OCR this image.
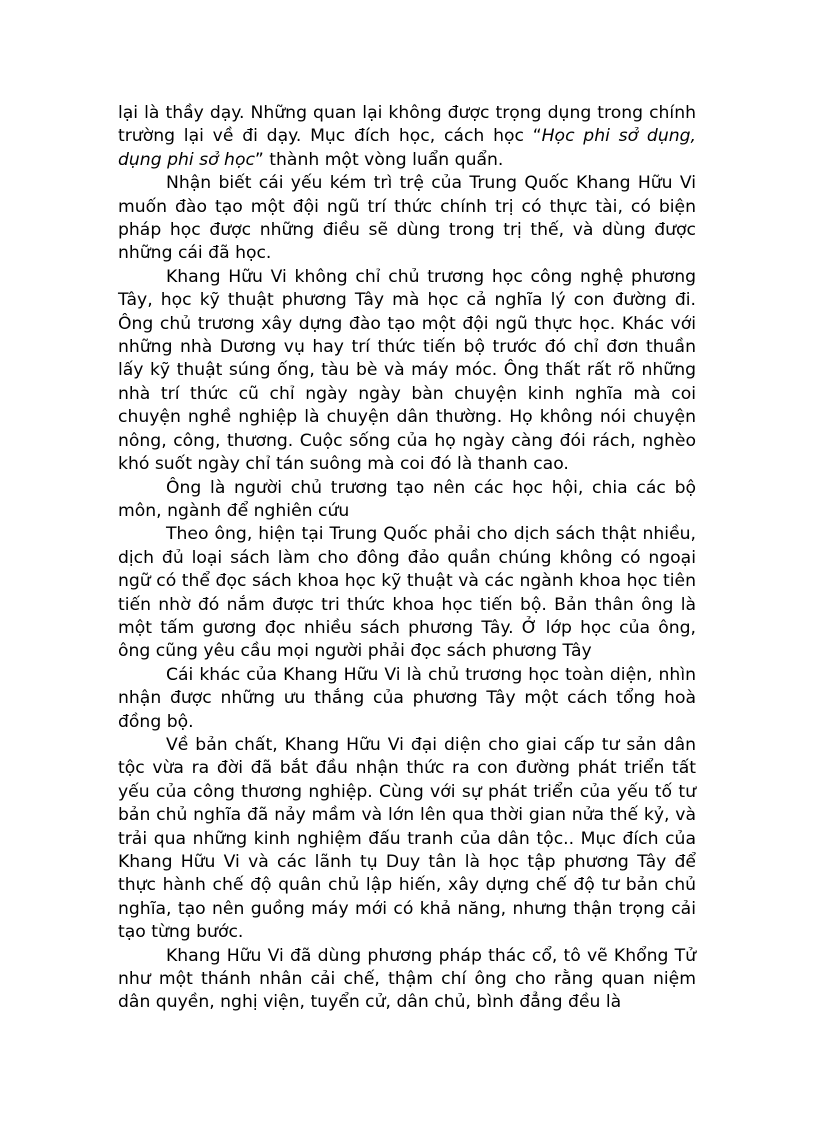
lại là thầy dạy. Những quan lại không được trọng dụng trong chính trường lại về đi dạy. Mục đích học, cách học “Học phi sở dụng, dụng phi sở học” thành một vòng luẩn quẩn.

Nhận biết cái yếu kém trì trệ của Trung Quốc Khang Hữu Vi muốn đào tạo một đội ngũ trí thức chính trị có thực tài, có biện pháp học được những điều sẽ dùng trong trị thế, và dùng được những cái đã học.

Khang Hữu Vi không chỉ chủ trương học công nghệ phương Tây, học kỹ thuật phương Tây mà học cả nghĩa lý con đường đi. Ông chủ trương xây dựng đào tạo một đội ngũ thực học. Khác với những nhà Dương vụ hay trí thức tiến bộ trước đó chỉ đơn thuần lấy kỹ thuật súng ống, tàu bè và máy móc. Ông thất rất rõ những nhà trí thức cũ chỉ ngày ngày bàn chuyện kinh nghĩa mà coi chuyện nghề nghiệp là chuyện dân thường. Họ không nói chuyện nông, công, thương. Cuộc sống của họ ngày càng đói rách, nghèo khó suốt ngày chỉ tán suông mà coi đó là thanh cao.

Ông là người chủ trương tạo nên các học hội, chia các bộ môn, ngành để nghiên cứu

Theo ông, hiện tại Trung Quốc phải cho dịch sách thật nhiều, dịch đủ loại sách làm cho đông đảo quần chúng không có ngoại ngữ có thể đọc sách khoa học kỹ thuật và các ngành khoa học tiên tiến nhờ đó nắm được tri thức khoa học tiến bộ. Bản thân ông là một tấm gương đọc nhiều sách phương Tây. Ở lớp học của ông, ông cũng yêu cầu mọi người phải đọc sách phương Tây

Cái khác của Khang Hữu Vi là chủ trương học toàn diện, nhìn nhận được những ưu thắng của phương Tây một cách tổng hoà đồng bộ.

Về bản chất, Khang Hữu Vi đại diện cho giai cấp tư sản dân tộc vừa ra đời đã bắt đầu nhận thức ra con đường phát triển tất yếu của công thương nghiệp. Cùng với sự phát triển của yếu tố tư bản chủ nghĩa đã nảy mầm và lớn lên qua thời gian nửa thế kỷ, và trải qua những kinh nghiệm đấu tranh của dân tộc.. Mục đích của Khang Hữu Vi và các lãnh tụ Duy tân là học tập phương Tây để thực hành chế độ quân chủ lập hiến, xây dựng chế độ tư bản chủ nghĩa, tạo nên guồng máy mới có khả năng, nhưng thận trọng cải tạo từng bước.

Khang Hữu Vi đã dùng phương pháp thác cổ, tô vẽ Khổng Tử như một thánh nhân cải chế, thậm chí ông cho rằng quan niệm dân quyền, nghị viện, tuyển cử, dân chủ, bình đẳng đều là
